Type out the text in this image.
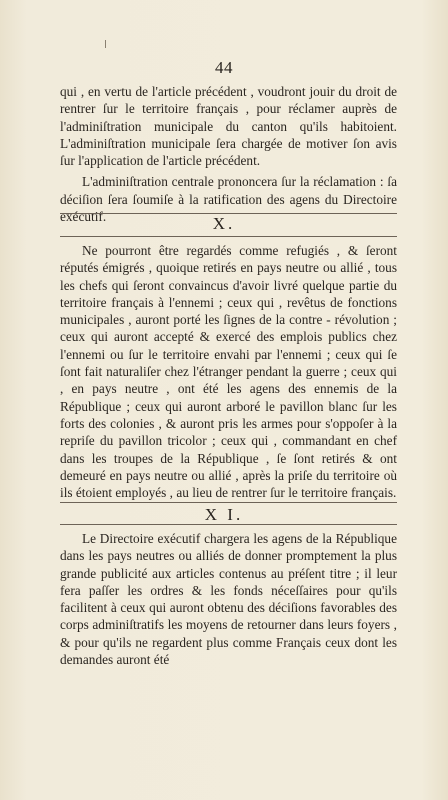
44

qui , en vertu de l'article précédent , voudront jouir du droit de rentrer ſur le territoire français , pour réclamer auprès de l'adminiſtration municipale du canton qu'ils habitoient. L'adminiſtration municipale ſera chargée de motiver ſon avis ſur l'application de l'article précédent.

L'adminiſtration centrale prononcera ſur la réclamation : ſa déciſion ſera ſoumiſe à la ratification des agens du Directoire exécutif.	X.

Ne pourront être regardés comme refugiés , & ſeront réputés émigrés , quoique retirés en pays neutre ou allié , tous les chefs qui ſeront convaincus d'avoir livré quelque partie du territoire français à l'ennemi ; ceux qui , revêtus de fonctions municipales , auront porté les ſignes de la contre - révolution ; ceux qui auront accepté & exercé des emplois publics chez l'ennemi ou ſur le territoire envahi par l'ennemi ; ceux qui ſe ſont fait naturaliſer chez l'étranger pendant la guerre ; ceux qui , en pays neutre , ont été les agens des ennemis de la République ; ceux qui auront arboré le pavillon blanc ſur les forts des colonies , & auront pris les armes pour s'oppoſer à la repriſe du pavillon tricolor ; ceux qui , commandant en chef dans les troupes de la République , ſe ſont retirés & ont demeuré en pays neutre ou allié , après la priſe du territoire où ils étoient employés , au lieu de rentrer ſur le territoire français.

X I.

Le Directoire exécutif chargera les agens de la République dans les pays neutres ou alliés de donner promptement la plus grande publicité aux articles contenus au préſent titre ; il leur fera paſſer les ordres & les fonds néceſſaires pour qu'ils facilitent à ceux qui auront obtenu des déciſions favorables des corps adminiſtratifs les moyens de retourner dans leurs foyers , & pour qu'ils ne regardent plus comme Français ceux dont les demandes auront été
